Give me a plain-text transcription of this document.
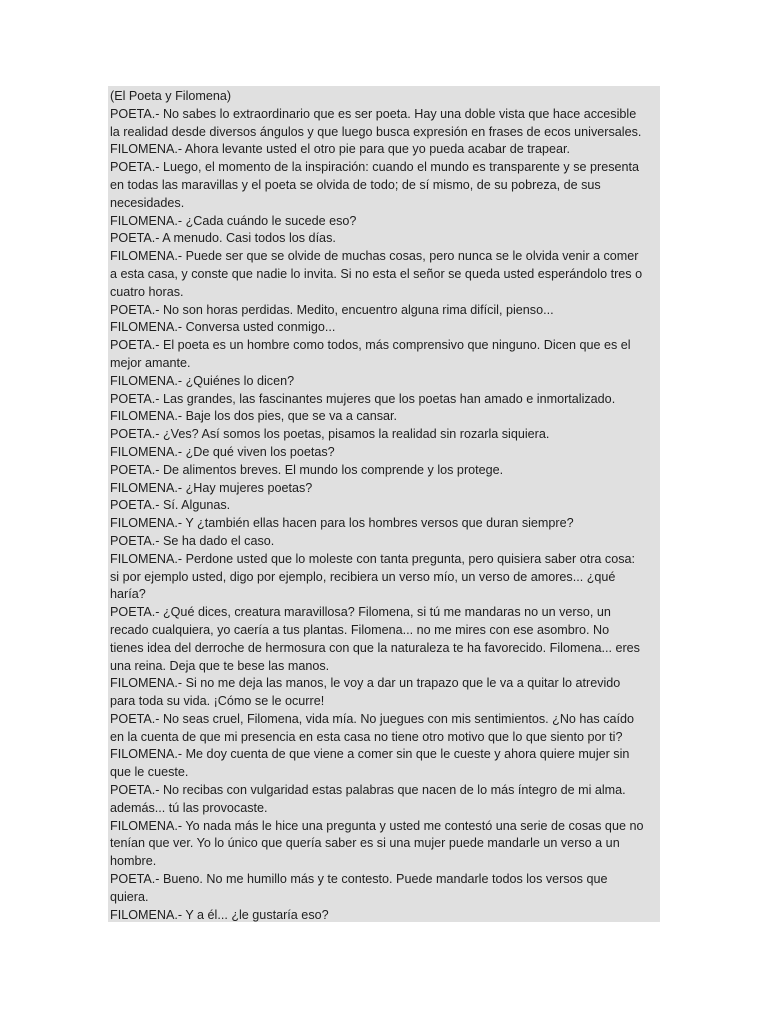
(El Poeta y Filomena)

POETA.- No sabes lo extraordinario que es ser poeta. Hay una doble vista que hace accesible

la realidad desde diversos ángulos y que luego busca expresión en frases de ecos universales.

FILOMENA.- Ahora levante usted el otro pie para que yo pueda acabar de trapear.

POETA.- Luego, el momento de la inspiración: cuando el mundo es transparente y se presenta

en todas las maravillas y el poeta se olvida de todo; de sí mismo, de su pobreza, de sus

necesidades.

FILOMENA.- ¿Cada cuándo le sucede eso?

POETA.- A menudo. Casi todos los días.

FILOMENA.- Puede ser que se olvide de muchas cosas, pero nunca se le olvida venir a comer

a esta casa, y conste que nadie lo invita. Si no esta el señor se queda usted esperándolo tres o

cuatro horas.

POETA.- No son horas perdidas. Medito, encuentro alguna rima difícil, pienso...

FILOMENA.- Conversa usted conmigo...

POETA.- El poeta es un hombre como todos, más comprensivo que ninguno. Dicen que es el

mejor amante.

FILOMENA.- ¿Quiénes lo dicen?

POETA.- Las grandes, las fascinantes mujeres que los poetas han amado e inmortalizado.

FILOMENA.- Baje los dos pies, que se va a cansar.

POETA.- ¿Ves? Así somos los poetas, pisamos la realidad sin rozarla siquiera.

FILOMENA.- ¿De qué viven los poetas?

POETA.- De alimentos breves. El mundo los comprende y los protege.

FILOMENA.- ¿Hay mujeres poetas?

POETA.- Sí. Algunas.

FILOMENA.- Y ¿también ellas hacen para los hombres versos que duran siempre?

POETA.- Se ha dado el caso.

FILOMENA.- Perdone usted que lo moleste con tanta pregunta, pero quisiera saber otra cosa:

si por ejemplo usted, digo por ejemplo, recibiera un verso mío, un verso de amores... ¿qué

haría?

POETA.- ¿Qué dices, creatura maravillosa? Filomena, si tú me mandaras no un verso, un

recado cualquiera, yo caería a tus plantas. Filomena... no me mires con ese asombro. No

tienes idea del derroche de hermosura con que la naturaleza te ha favorecido. Filomena... eres

una reina. Deja que te bese las manos.

FILOMENA.- Si no me deja las manos, le voy a dar un trapazo que le va a quitar lo atrevido

para toda su vida. ¡Cómo se le ocurre!

POETA.- No seas cruel, Filomena, vida mía. No juegues con mis sentimientos. ¿No has caído

en la cuenta de que mi presencia en esta casa no tiene otro motivo que lo que siento por ti?

FILOMENA.- Me doy cuenta de que viene a comer sin que le cueste y ahora quiere mujer sin

que le cueste.

POETA.- No recibas con vulgaridad estas palabras que nacen de lo más íntegro de mi alma.

además... tú las provocaste.

FILOMENA.- Yo nada más le hice una pregunta y usted me contestó una serie de cosas que no

tenían que ver. Yo lo único que quería saber es si una mujer puede mandarle un verso a un

hombre.

POETA.- Bueno. No me humillo más y te contesto. Puede mandarle todos los versos que

quiera.

FILOMENA.- Y a él... ¿le gustaría eso?
